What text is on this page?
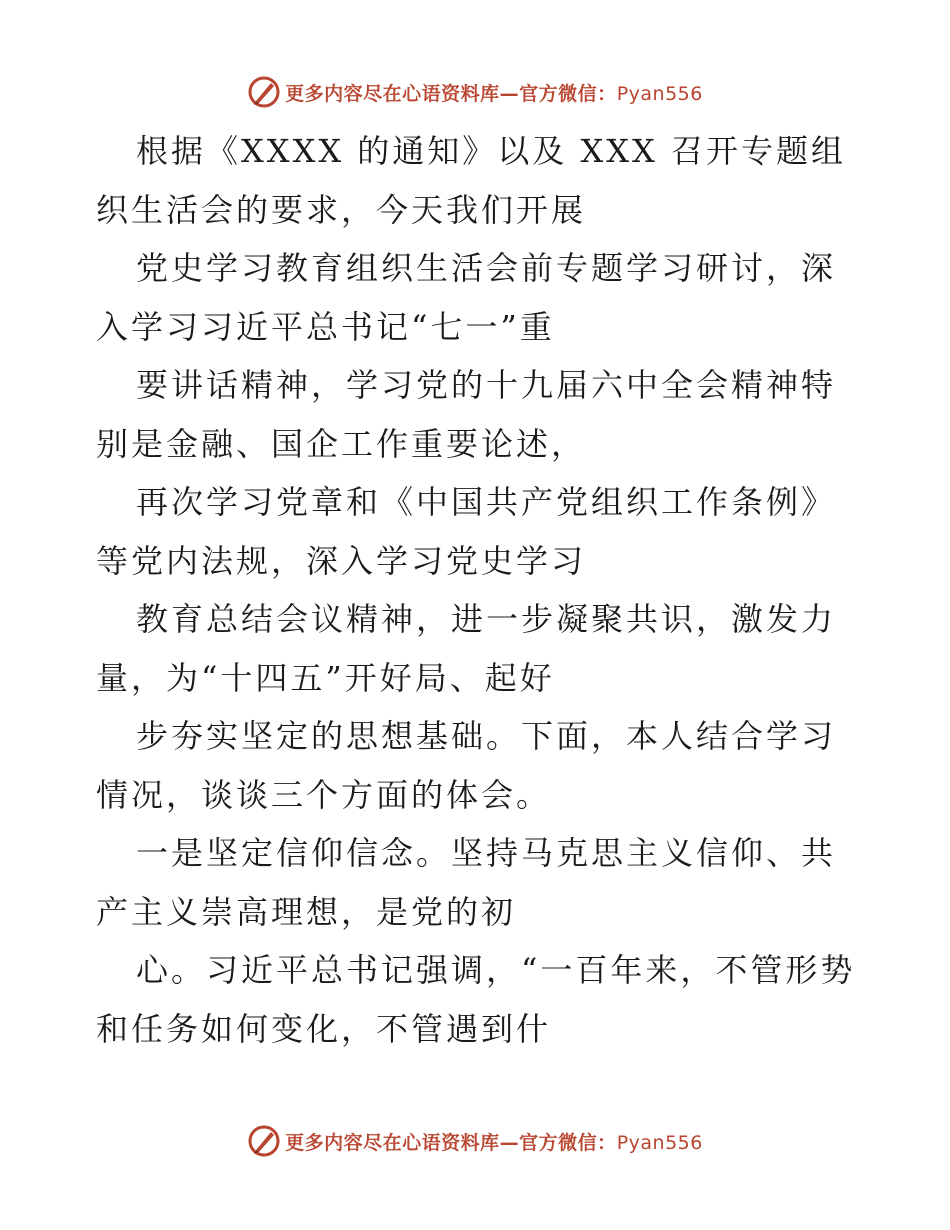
更多内容尽在心语资料库—官方微信：Pyan556

根据《XXXX 的通知》以及 XXX 召开专题组织生活会的要求，今天我们开展

党史学习教育组织生活会前专题学习研讨，深入学习习近平总书记“七一”重

要讲话精神，学习党的十九届六中全会精神特别是金融、国企工作重要论述，

再次学习党章和《中国共产党组织工作条例》等党内法规，深入学习党史学习

教育总结会议精神，进一步凝聚共识，激发力量，为“十四五”开好局、起好

步夯实坚定的思想基础。下面，本人结合学习情况，谈谈三个方面的体会。

一是坚定信仰信念。坚持马克思主义信仰、共产主义崇高理想，是党的初

心。习近平总书记强调，“一百年来，不管形势和任务如何变化，不管遇到什

更多内容尽在心语资料库—官方微信：Pyan556
